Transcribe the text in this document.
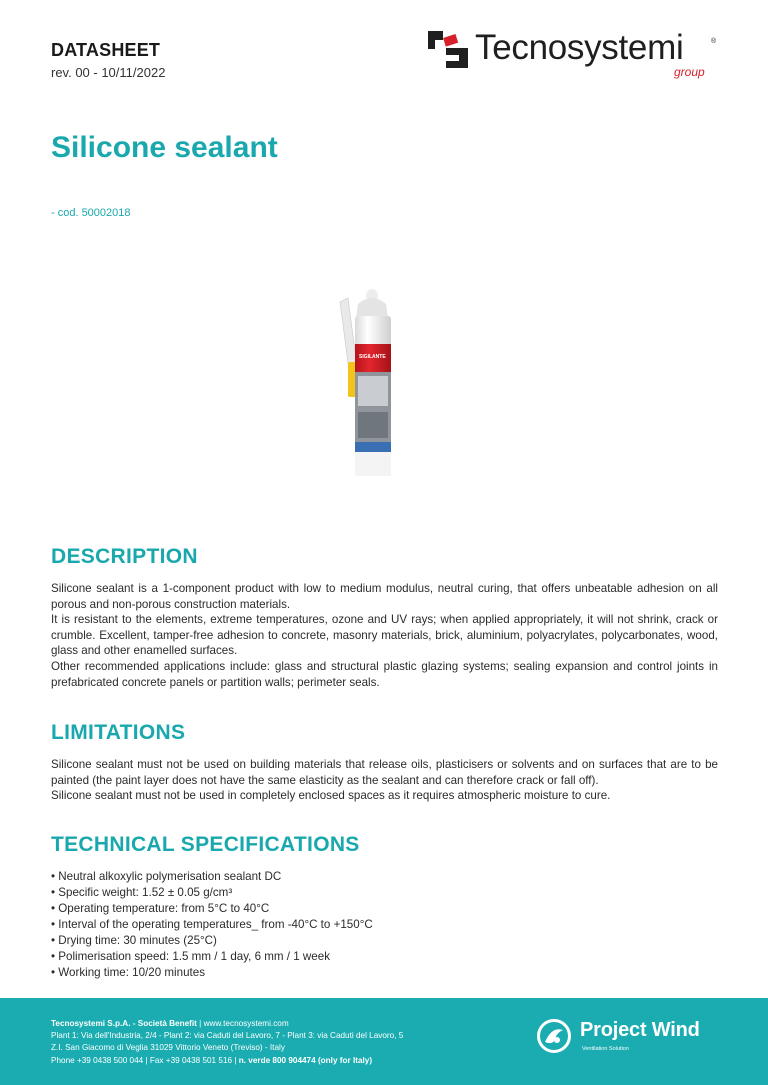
DATASHEET
rev. 00 - 10/11/2022
Tecnosystemi	®
group
Silicone sealant
- cod. 50002018
SIGILANTE
DESCRIPTION

Silicone sealant is a 1-component product with low to medium modulus, neutral curing, that offers unbeatable adhesion on all porous and non-porous construction materials.

It is resistant to the elements, extreme temperatures, ozone and UV rays; when applied appropriately, it will not shrink, crack or crumble. Excellent, tamper-free adhesion to concrete, masonry materials, brick, aluminium, polyacrylates, polycarbonates, wood, glass and other enamelled surfaces.

Other recommended applications include: glass and structural plastic glazing systems; sealing expansion and control joints in prefabricated concrete panels or partition walls; perimeter seals.

LIMITATIONS

Silicone sealant must not be used on building materials that release oils, plasticisers or solvents and on surfaces that are to be painted (the paint layer does not have the same elasticity as the sealant and can therefore crack or fall off).

Silicone sealant must not be used in completely enclosed spaces as it requires atmospheric moisture to cure.

TECHNICAL SPECIFICATIONS
• Neutral alkoxylic polymerisation sealant DC
• Specific weight: 1.52 ± 0.05 g/cm³
• Operating temperature: from 5°C to 40°C
• Interval of the operating temperatures_ from -40°C to +150°C
• Drying time: 30 minutes (25°C)
• Polimerisation speed: 1.5 mm / 1 day, 6 mm / 1 week
• Working time: 10/20 minutes
Tecnosystemi S.p.A. - Società Benefit | www.tecnosystemi.com
Plant 1: Via dell'Industria, 2/4 - Plant 2: via Caduti del Lavoro, 7 - Plant 3: via Caduti del Lavoro, 5
Z.I. San Giacomo di Veglia 31029 Vittorio Veneto (Treviso) - Italy
Phone +39 0438 500 044 | Fax +39 0438 501 516 | n. verde 800 904474 (only for Italy)
Project Wind
Ventilation Solution
